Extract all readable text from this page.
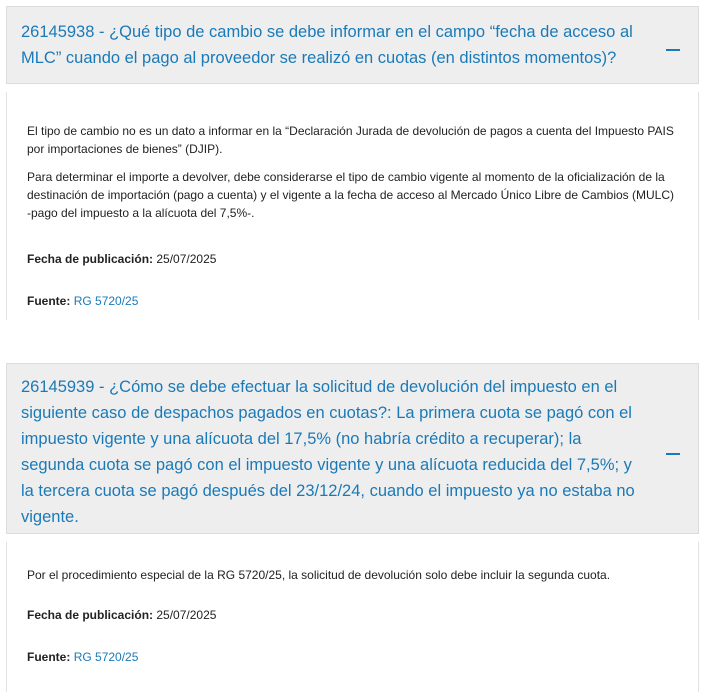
26145938 - ¿Qué tipo de cambio se debe informar en el campo “fecha de acceso al MLC” cuando el pago al proveedor se realizó en cuotas (en distintos momentos)?

El tipo de cambio no es un dato a informar en la “Declaración Jurada de devolución de pagos a cuenta del Impuesto PAIS por importaciones de bienes” (DJIP).

Para determinar el importe a devolver, debe considerarse el tipo de cambio vigente al momento de la oficialización de la destinación de importación (pago a cuenta) y el vigente a la fecha de acceso al Mercado Único Libre de Cambios (MULC) -pago del impuesto a la alícuota del 7,5%-.

Fecha de publicación: 25/07/2025
Fuente: RG 5720/25
26145939 - ¿Cómo se debe efectuar la solicitud de devolución del impuesto en el siguiente caso de despachos pagados en cuotas?: La primera cuota se pagó con el impuesto vigente y una alícuota del 17,5% (no habría crédito a recuperar); la segunda cuota se pagó con el impuesto vigente y una alícuota reducida del 7,5%; y la tercera cuota se pagó después del 23/12/24, cuando el impuesto ya no estaba no vigente.

Por el procedimiento especial de la RG 5720/25, la solicitud de devolución solo debe incluir la segunda cuota.

Fecha de publicación: 25/07/2025
Fuente: RG 5720/25
